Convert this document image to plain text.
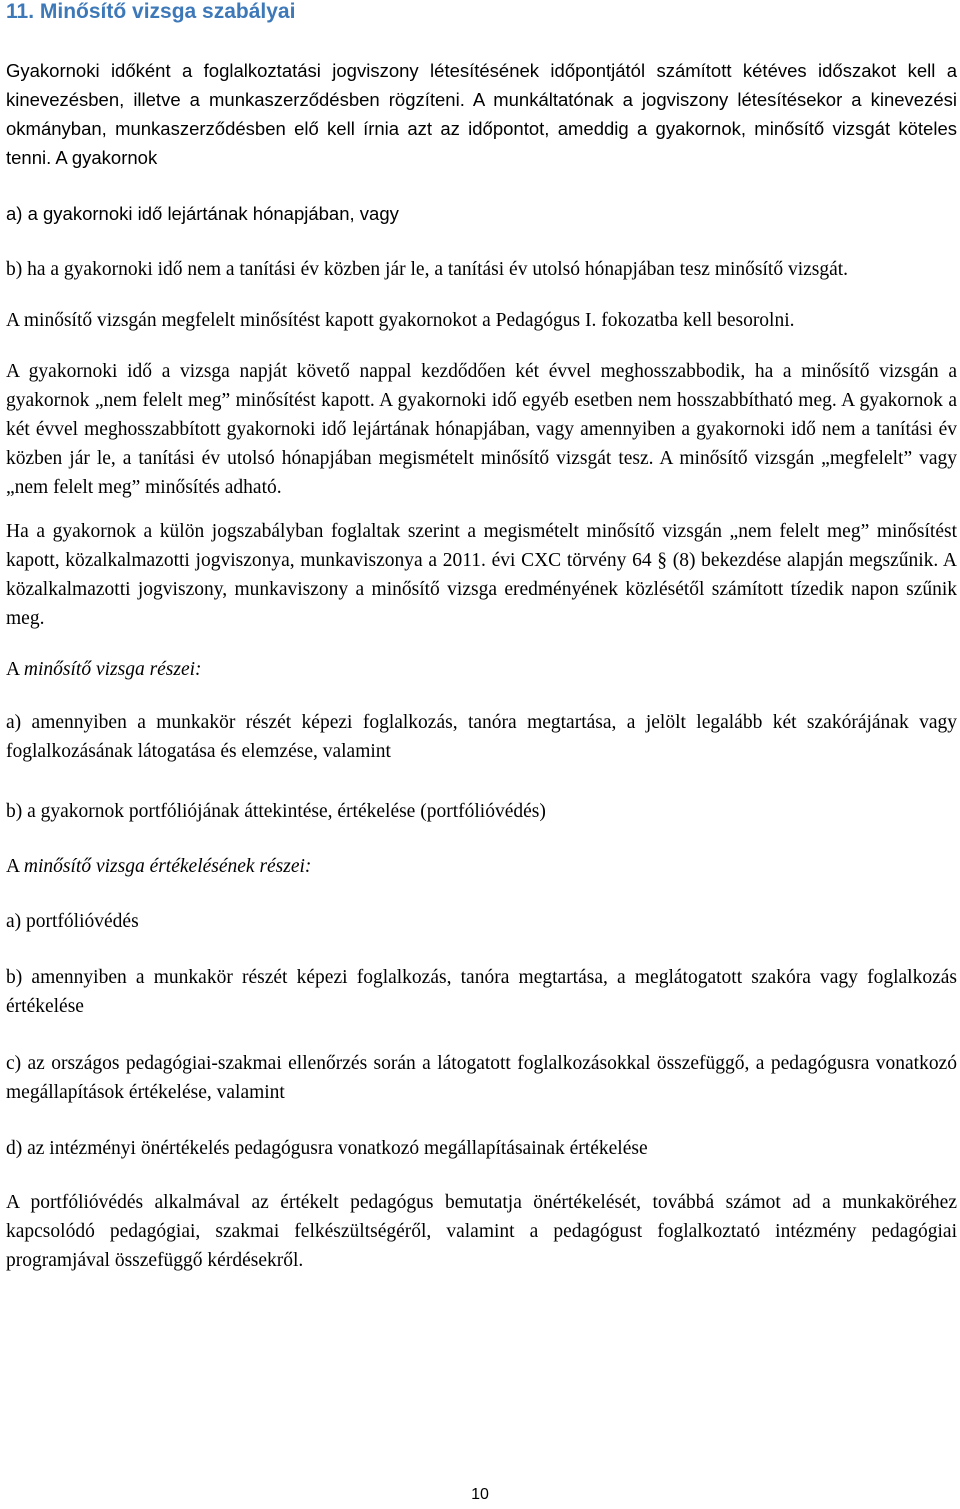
11. Minősítő vizsga szabályai

Gyakornoki időként a foglalkoztatási jogviszony létesítésének időpontjától számított kétéves időszakot kell a kinevezésben, illetve a munkaszerződésben rögzíteni. A munkáltatónak a jogviszony létesítésekor a kinevezési okmányban, munkaszerződésben elő kell írnia azt az időpontot, ameddig a gyakornok, minősítő vizsgát köteles tenni. A gyakornok

a) a gyakornoki idő lejártának hónapjában, vagy

b) ha a gyakornoki idő nem a tanítási év közben jár le, a tanítási év utolsó hónapjában tesz minősítő vizsgát.

A minősítő vizsgán megfelelt minősítést kapott gyakornokot a Pedagógus I. fokozatba kell besorolni.

A gyakornoki idő a vizsga napját követő nappal kezdődően két évvel meghosszabbodik, ha a minősítő vizsgán a gyakornok „nem felelt meg” minősítést kapott. A gyakornoki idő egyéb esetben nem hosszabbítható meg. A gyakornok a két évvel meghosszabbított gyakornoki idő lejártának hónapjában, vagy amennyiben a gyakornoki idő nem a tanítási év közben jár le, a tanítási év utolsó hónapjában megismételt minősítő vizsgát tesz. A minősítő vizsgán „megfelelt” vagy „nem felelt meg” minősítés adható.

Ha a gyakornok a külön jogszabályban foglaltak szerint a megismételt minősítő vizsgán „nem felelt meg” minősítést kapott, közalkalmazotti jogviszonya, munkaviszonya a 2011. évi CXC törvény 64 § (8) bekezdése alapján megszűnik. A közalkalmazotti jogviszony, munkaviszony a minősítő vizsga eredményének közlésétől számított tízedik napon szűnik meg.

A minősítő vizsga részei:

a) amennyiben a munkakör részét képezi foglalkozás, tanóra megtartása, a jelölt legalább két szakórájának vagy foglalkozásának látogatása és elemzése, valamint

b) a gyakornok portfóliójának áttekintése, értékelése (portfólióvédés)

A minősítő vizsga értékelésének részei:

a) portfólióvédés

b) amennyiben a munkakör részét képezi foglalkozás, tanóra megtartása, a meglátogatott szakóra vagy foglalkozás értékelése

c) az országos pedagógiai-szakmai ellenőrzés során a látogatott foglalkozásokkal összefüggő, a pedagógusra vonatkozó megállapítások értékelése, valamint

d) az intézményi önértékelés pedagógusra vonatkozó megállapításainak értékelése

A portfólióvédés alkalmával az értékelt pedagógus bemutatja önértékelését, továbbá számot ad a munkaköréhez kapcsolódó pedagógiai, szakmai felkészültségéről, valamint a pedagógust foglalkoztató intézmény pedagógiai programjával összefüggő kérdésekről.

10
